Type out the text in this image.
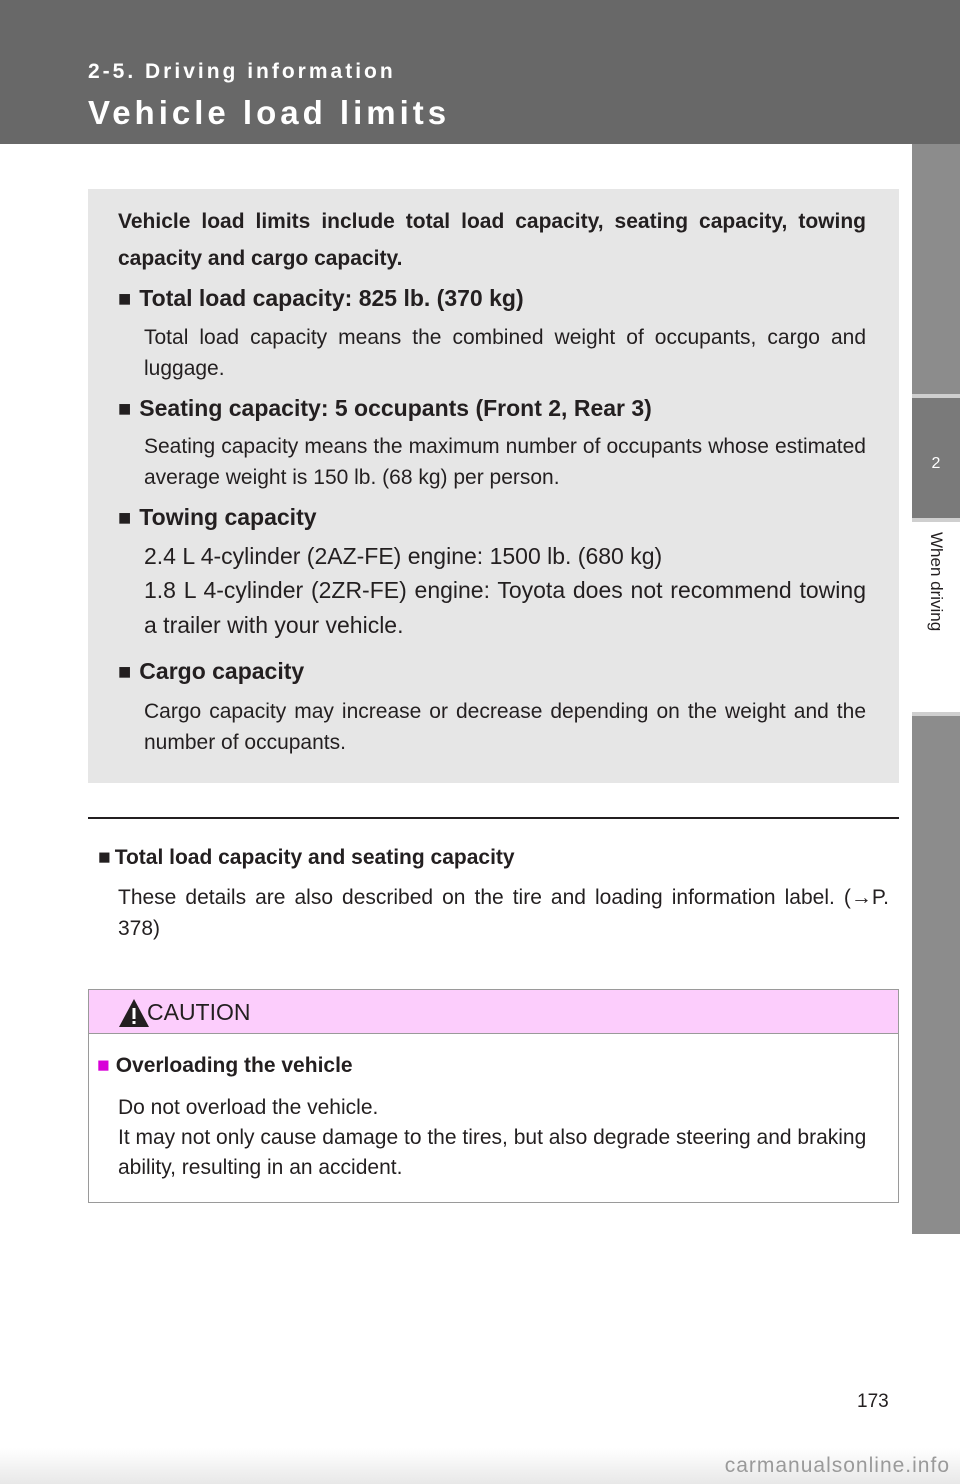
2-5. Driving information
Vehicle load limits
2
When driving
Vehicle load limits include total load capacity, seating capacity, towing capacity and cargo capacity.
■ Total load capacity: 825 lb. (370 kg)
Total load capacity means the combined weight of occupants, cargo and luggage.
■ Seating capacity: 5 occupants (Front 2, Rear 3)
Seating capacity means the maximum number of occupants whose estimated average weight is 150 lb. (68 kg) per person.
■ Towing capacity
2.4 L 4-cylinder (2AZ-FE) engine: 1500 lb. (680 kg)
1.8 L 4-cylinder (2ZR-FE) engine: Toyota does not recommend towing a trailer with your vehicle.
■ Cargo capacity
Cargo capacity may increase or decrease depending on the weight and the number of occupants.
■ Total load capacity and seating capacity
These details are also described on the tire and loading information label. (→P. 378)
CAUTION
■ Overloading the vehicle
Do not overload the vehicle.
It may not only cause damage to the tires, but also degrade steering and braking ability, resulting in an accident.
173
carmanualsonline.info
